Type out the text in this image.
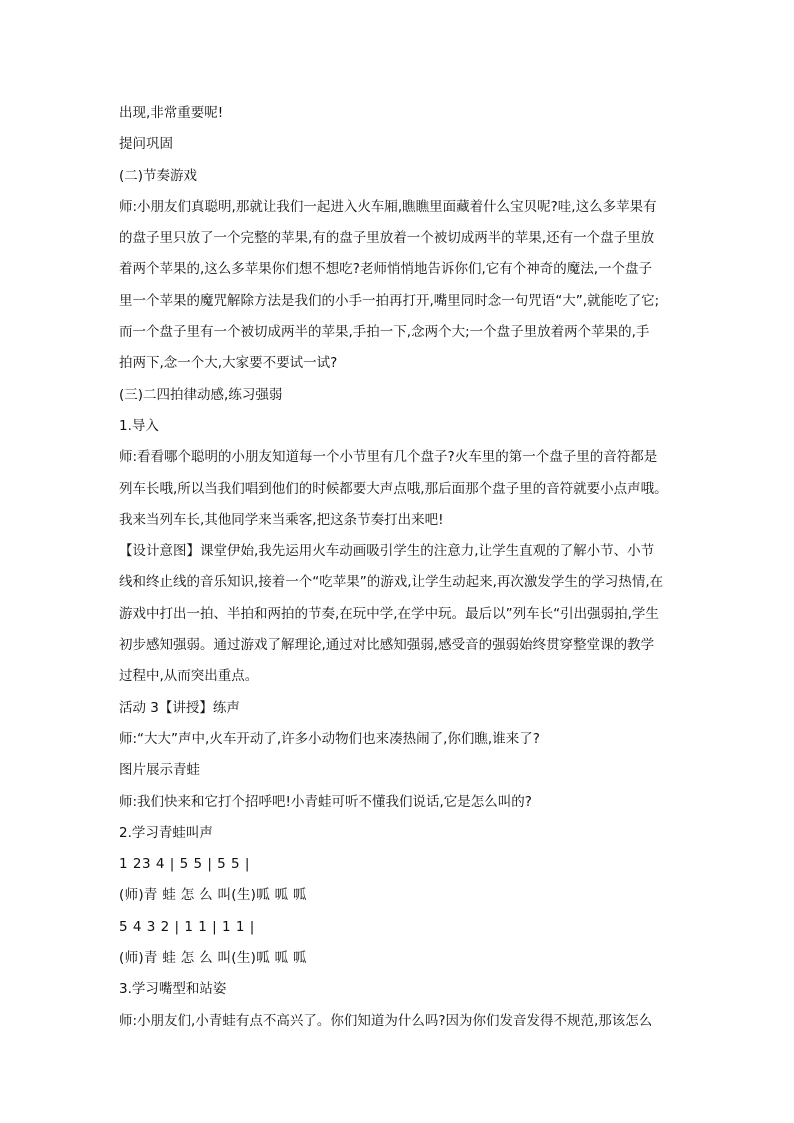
出现,非常重要呢!
提问巩固
(二)节奏游戏
师:小朋友们真聪明,那就让我们一起进入火车厢,瞧瞧里面藏着什么宝贝呢?哇,这么多苹果有
的盘子里只放了一个完整的苹果,有的盘子里放着一个被切成两半的苹果,还有一个盘子里放
着两个苹果的,这么多苹果你们想不想吃?老师悄悄地告诉你们,它有个神奇的魔法,一个盘子
里一个苹果的魔咒解除方法是我们的小手一拍再打开,嘴里同时念一句咒语“大”,就能吃了它;
而一个盘子里有一个被切成两半的苹果,手拍一下,念两个大;一个盘子里放着两个苹果的,手
拍两下,念一个大,大家要不要试一试?
(三)二四拍律动感,练习强弱
1.导入
师:看看哪个聪明的小朋友知道每一个小节里有几个盘子?火车里的第一个盘子里的音符都是
列车长哦,所以当我们唱到他们的时候都要大声点哦,那后面那个盘子里的音符就要小点声哦。
我来当列车长,其他同学来当乘客,把这条节奏打出来吧!
【设计意图】课堂伊始,我先运用火车动画吸引学生的注意力,让学生直观的了解小节、小节
线和终止线的音乐知识,接着一个“吃苹果”的游戏,让学生动起来,再次激发学生的学习热情,在
游戏中打出一拍、半拍和两拍的节奏,在玩中学,在学中玩。最后以”列车长“引出强弱拍,学生
初步感知强弱。通过游戏了解理论,通过对比感知强弱,感受音的强弱始终贯穿整堂课的教学
过程中,从而突出重点。
活动 3【讲授】练声
师:“大大”声中,火车开动了,许多小动物们也来凑热闹了,你们瞧,谁来了?
图片展示青蛙
师:我们快来和它打个招呼吧!小青蛙可听不懂我们说话,它是怎么叫的?
2.学习青蛙叫声
1 23 4 | 5 5 | 5 5 |
(师)青 蛙 怎 么 叫(生)呱 呱 呱
5 4 3 2 | 1 1 | 1 1 |
(师)青 蛙 怎 么 叫(生)呱 呱 呱
3.学习嘴型和站姿
师:小朋友们,小青蛙有点不高兴了。你们知道为什么吗?因为你们发音发得不规范,那该怎么
